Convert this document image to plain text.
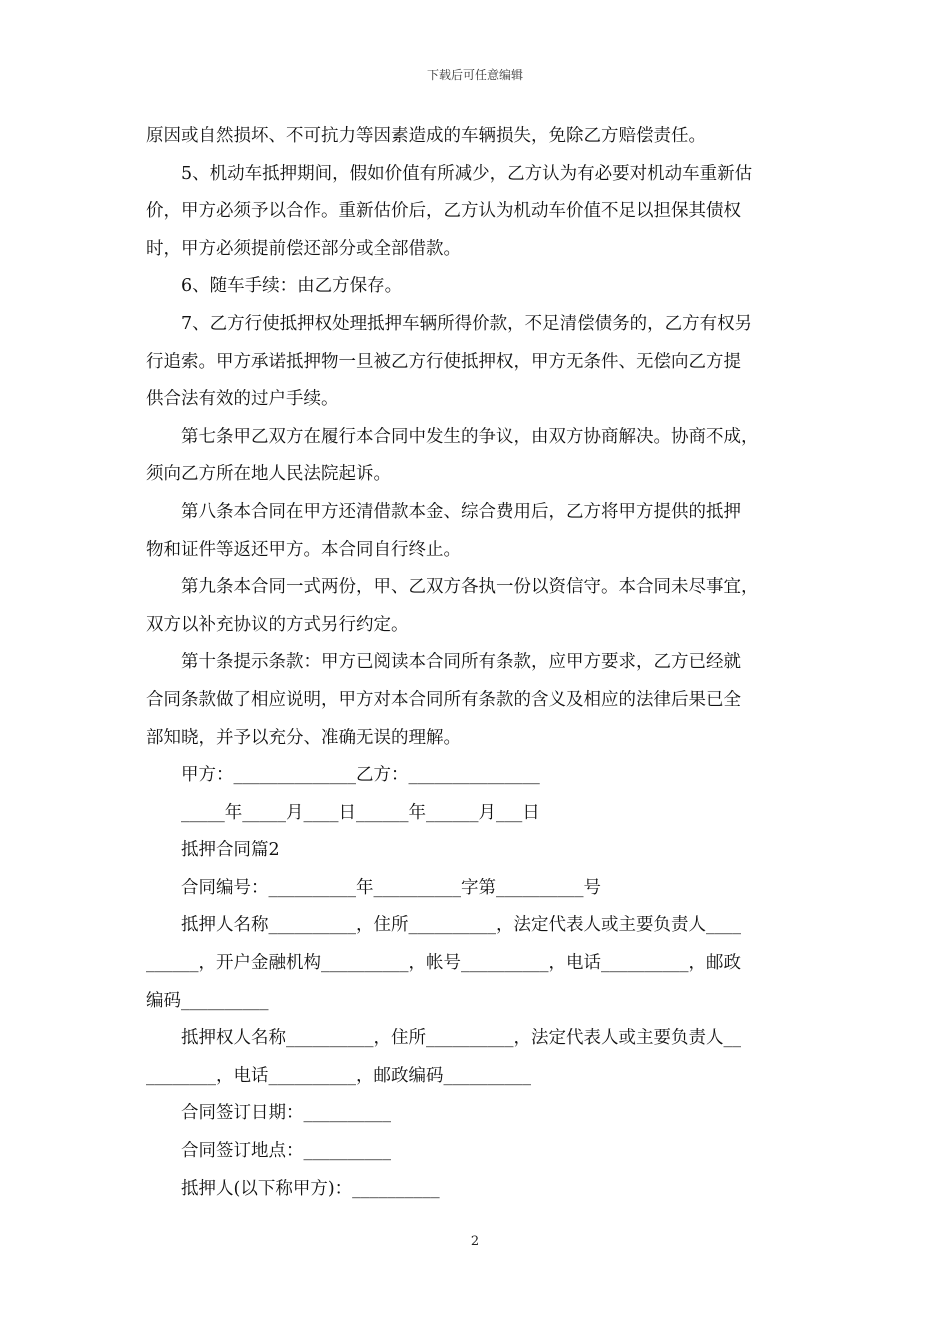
下载后可任意编辑

原因或自然损坏、不可抗力等因素造成的车辆损失，免除乙方赔偿责任。

5、机动车抵押期间，假如价值有所减少，乙方认为有必要对机动车重新估

价，甲方必须予以合作。重新估价后，乙方认为机动车价值不足以担保其债权

时，甲方必须提前偿还部分或全部借款。

6、随车手续：由乙方保存。

7、乙方行使抵押权处理抵押车辆所得价款，不足清偿债务的，乙方有权另

行追索。甲方承诺抵押物一旦被乙方行使抵押权，甲方无条件、无偿向乙方提

供合法有效的过户手续。

第七条甲乙双方在履行本合同中发生的争议，由双方协商解决。协商不成，

须向乙方所在地人民法院起诉。

第八条本合同在甲方还清借款本金、综合费用后，乙方将甲方提供的抵押

物和证件等返还甲方。本合同自行终止。

第九条本合同一式两份，甲、乙双方各执一份以资信守。本合同未尽事宜，

双方以补充协议的方式另行约定。

第十条提示条款：甲方已阅读本合同所有条款，应甲方要求，乙方已经就

合同条款做了相应说明，甲方对本合同所有条款的含义及相应的法律后果已全

部知晓，并予以充分、准确无误的理解。

甲方：______________乙方：_______________

_____年_____月____日______年______月___日

抵押合同篇2

合同编号：__________年__________字第__________号

抵押人名称__________，住所__________，法定代表人或主要负责人____

______，开户金融机构__________，帐号__________，电话__________，邮政

编码__________

抵押权人名称__________，住所__________，法定代表人或主要负责人__

________，电话__________，邮政编码__________

合同签订日期：__________

合同签订地点：__________

抵押人(以下称甲方)：__________

2
